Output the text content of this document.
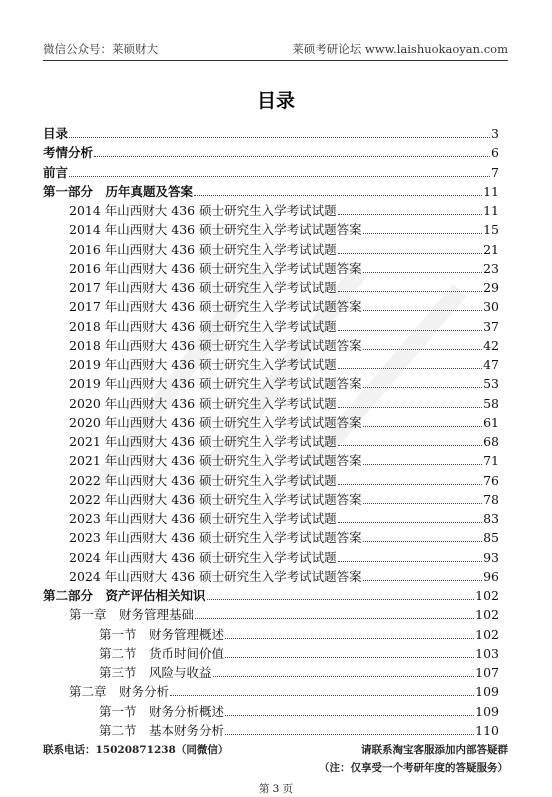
微信公众号：莱硕财大	莱硕考研论坛 www.laishuokaoyan.com
目录
目录	3
考情分析	6
前言	7
第一部分　历年真题及答案	11
2014 年山西财大 436 硕士研究生入学考试试题	11
2014 年山西财大 436 硕士研究生入学考试试题答案	15
2016 年山西财大 436 硕士研究生入学考试试题	21
2016 年山西财大 436 硕士研究生入学考试试题答案	23
2017 年山西财大 436 硕士研究生入学考试试题	29
2017 年山西财大 436 硕士研究生入学考试试题答案	30
2018 年山西财大 436 硕士研究生入学考试试题	37
2018 年山西财大 436 硕士研究生入学考试试题答案	42
2019 年山西财大 436 硕士研究生入学考试试题	47
2019 年山西财大 436 硕士研究生入学考试试题答案	53
2020 年山西财大 436 硕士研究生入学考试试题	58
2020 年山西财大 436 硕士研究生入学考试试题答案	61
2021 年山西财大 436 硕士研究生入学考试试题	68
2021 年山西财大 436 硕士研究生入学考试试题答案	71
2022 年山西财大 436 硕士研究生入学考试试题	76
2022 年山西财大 436 硕士研究生入学考试试题答案	78
2023 年山西财大 436 硕士研究生入学考试试题	83
2023 年山西财大 436 硕士研究生入学考试试题答案	85
2024 年山西财大 436 硕士研究生入学考试试题	93
2024 年山西财大 436 硕士研究生入学考试试题答案	96
第二部分　资产评估相关知识	102
第一章　财务管理基础	102
第一节　财务管理概述	102
第二节　货币时间价值	103
第三节　风险与收益	107
第二章　财务分析	109
第一节　财务分析概述	109
第二节　基本财务分析	110
联系电话：15020871238（同微信）	请联系淘宝客服添加内部答疑群
（注：仅享受一个考研年度的答疑服务）
第 3 页
